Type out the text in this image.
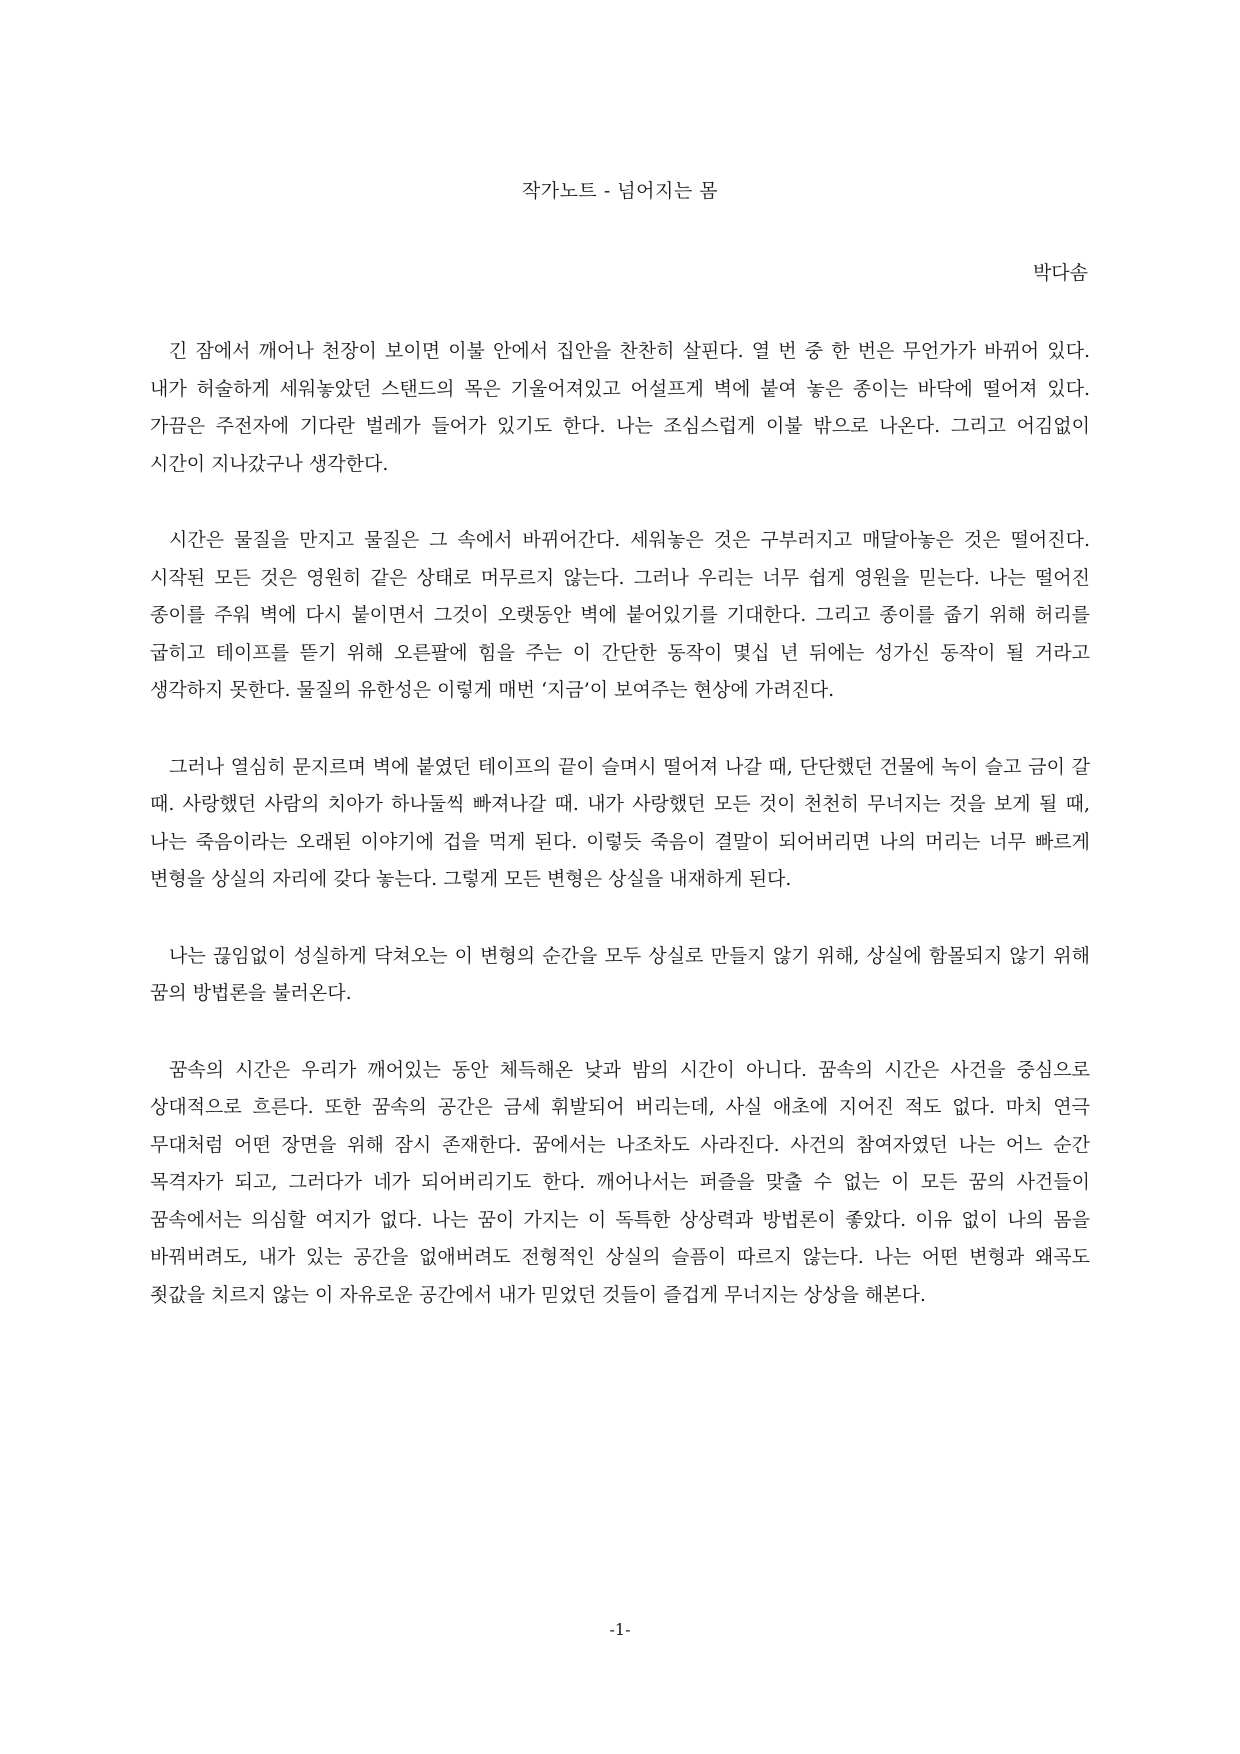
작가노트 - 넘어지는 몸
박다솜

긴 잠에서 깨어나 천장이 보이면 이불 안에서 집안을 찬찬히 살핀다. 열 번 중 한 번은 무언가가 바뀌어 있다. 내가 허술하게 세워놓았던 스탠드의 목은 기울어져있고 어설프게 벽에 붙여 놓은 종이는 바닥에 떨어져 있다. 가끔은 주전자에 기다란 벌레가 들어가 있기도 한다. 나는 조심스럽게 이불 밖으로 나온다. 그리고 어김없이 시간이 지나갔구나 생각한다.

시간은 물질을 만지고 물질은 그 속에서 바뀌어간다. 세워놓은 것은 구부러지고 매달아놓은 것은 떨어진다. 시작된 모든 것은 영원히 같은 상태로 머무르지 않는다. 그러나 우리는 너무 쉽게 영원을 믿는다. 나는 떨어진 종이를 주워 벽에 다시 붙이면서 그것이 오랫동안 벽에 붙어있기를 기대한다. 그리고 종이를 줍기 위해 허리를 굽히고 테이프를 뜯기 위해 오른팔에 힘을 주는 이 간단한 동작이 몇십 년 뒤에는 성가신 동작이 될 거라고 생각하지 못한다. 물질의 유한성은 이렇게 매번 ‘지금’이 보여주는 현상에 가려진다.

그러나 열심히 문지르며 벽에 붙였던 테이프의 끝이 슬며시 떨어져 나갈 때, 단단했던 건물에 녹이 슬고 금이 갈 때. 사랑했던 사람의 치아가 하나둘씩 빠져나갈 때. 내가 사랑했던 모든 것이 천천히 무너지는 것을 보게 될 때, 나는 죽음이라는 오래된 이야기에 겁을 먹게 된다. 이렇듯 죽음이 결말이 되어버리면 나의 머리는 너무 빠르게 변형을 상실의 자리에 갖다 놓는다. 그렇게 모든 변형은 상실을 내재하게 된다.

나는 끊임없이 성실하게 닥쳐오는 이 변형의 순간을 모두 상실로 만들지 않기 위해, 상실에 함몰되지 않기 위해 꿈의 방법론을 불러온다.

꿈속의 시간은 우리가 깨어있는 동안 체득해온 낮과 밤의 시간이 아니다. 꿈속의 시간은 사건을 중심으로 상대적으로 흐른다. 또한 꿈속의 공간은 금세 휘발되어 버리는데, 사실 애초에 지어진 적도 없다. 마치 연극 무대처럼 어떤 장면을 위해 잠시 존재한다. 꿈에서는 나조차도 사라진다. 사건의 참여자였던 나는 어느 순간 목격자가 되고, 그러다가 네가 되어버리기도 한다. 깨어나서는 퍼즐을 맞출 수 없는 이 모든 꿈의 사건들이 꿈속에서는 의심할 여지가 없다. 나는 꿈이 가지는 이 독특한 상상력과 방법론이 좋았다. 이유 없이 나의 몸을 바꿔버려도, 내가 있는 공간을 없애버려도 전형적인 상실의 슬픔이 따르지 않는다. 나는 어떤 변형과 왜곡도 죗값을 치르지 않는 이 자유로운 공간에서 내가 믿었던 것들이 즐겁게 무너지는 상상을 해본다.

-1-
